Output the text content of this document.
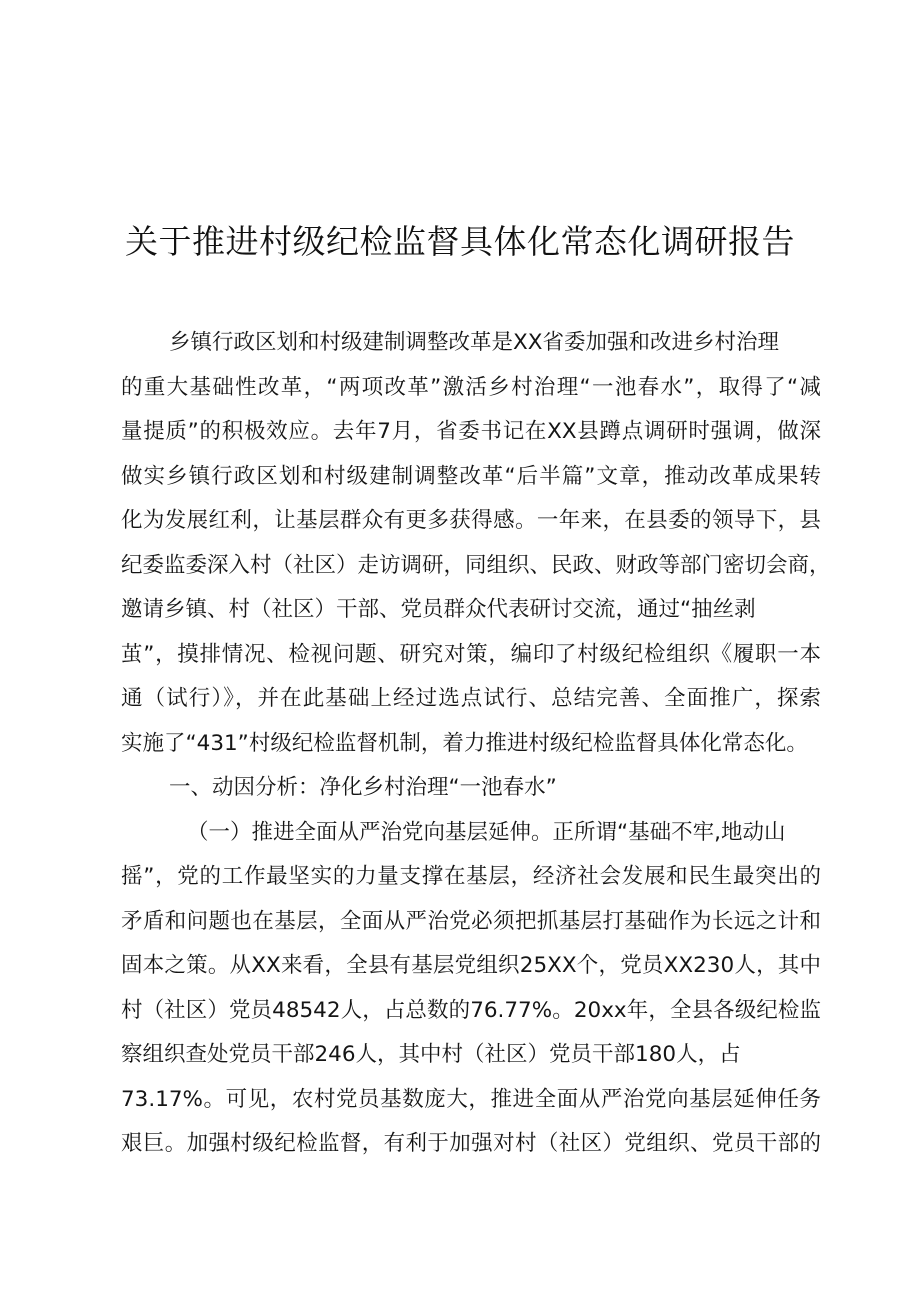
关于推进村级纪检监督具体化常态化调研报告
乡镇行政区划和村级建制调整改革是XX省委加强和改进乡村治理
的重大基础性改革，“两项改革”激活乡村治理“一池春水”，取得了“减
量提质”的积极效应。去年7月，省委书记在XX县蹲点调研时强调，做深
做实乡镇行政区划和村级建制调整改革“后半篇”文章，推动改革成果转
化为发展红利，让基层群众有更多获得感。一年来，在县委的领导下，县
纪委监委深入村（社区）走访调研，同组织、民政、财政等部门密切会商，
邀请乡镇、村（社区）干部、党员群众代表研讨交流，通过“抽丝剥
茧”，摸排情况、检视问题、研究对策，编印了村级纪检组织《履职一本
通（试行）》，并在此基础上经过选点试行、总结完善、全面推广，探索
实施了“431”村级纪检监督机制，着力推进村级纪检监督具体化常态化。
一、动因分析：净化乡村治理“一池春水”
（一）推进全面从严治党向基层延伸。正所谓“基础不牢,地动山
摇”，党的工作最坚实的力量支撑在基层，经济社会发展和民生最突出的
矛盾和问题也在基层，全面从严治党必须把抓基层打基础作为长远之计和
固本之策。从XX来看，全县有基层党组织25XX个，党员XX230人，其中
村（社区）党员48542人，占总数的76.77%。20xx年，全县各级纪检监
察组织查处党员干部246人，其中村（社区）党员干部180人，占
73.17%。可见，农村党员基数庞大，推进全面从严治党向基层延伸任务
艰巨。加强村级纪检监督，有利于加强对村（社区）党组织、党员干部的
